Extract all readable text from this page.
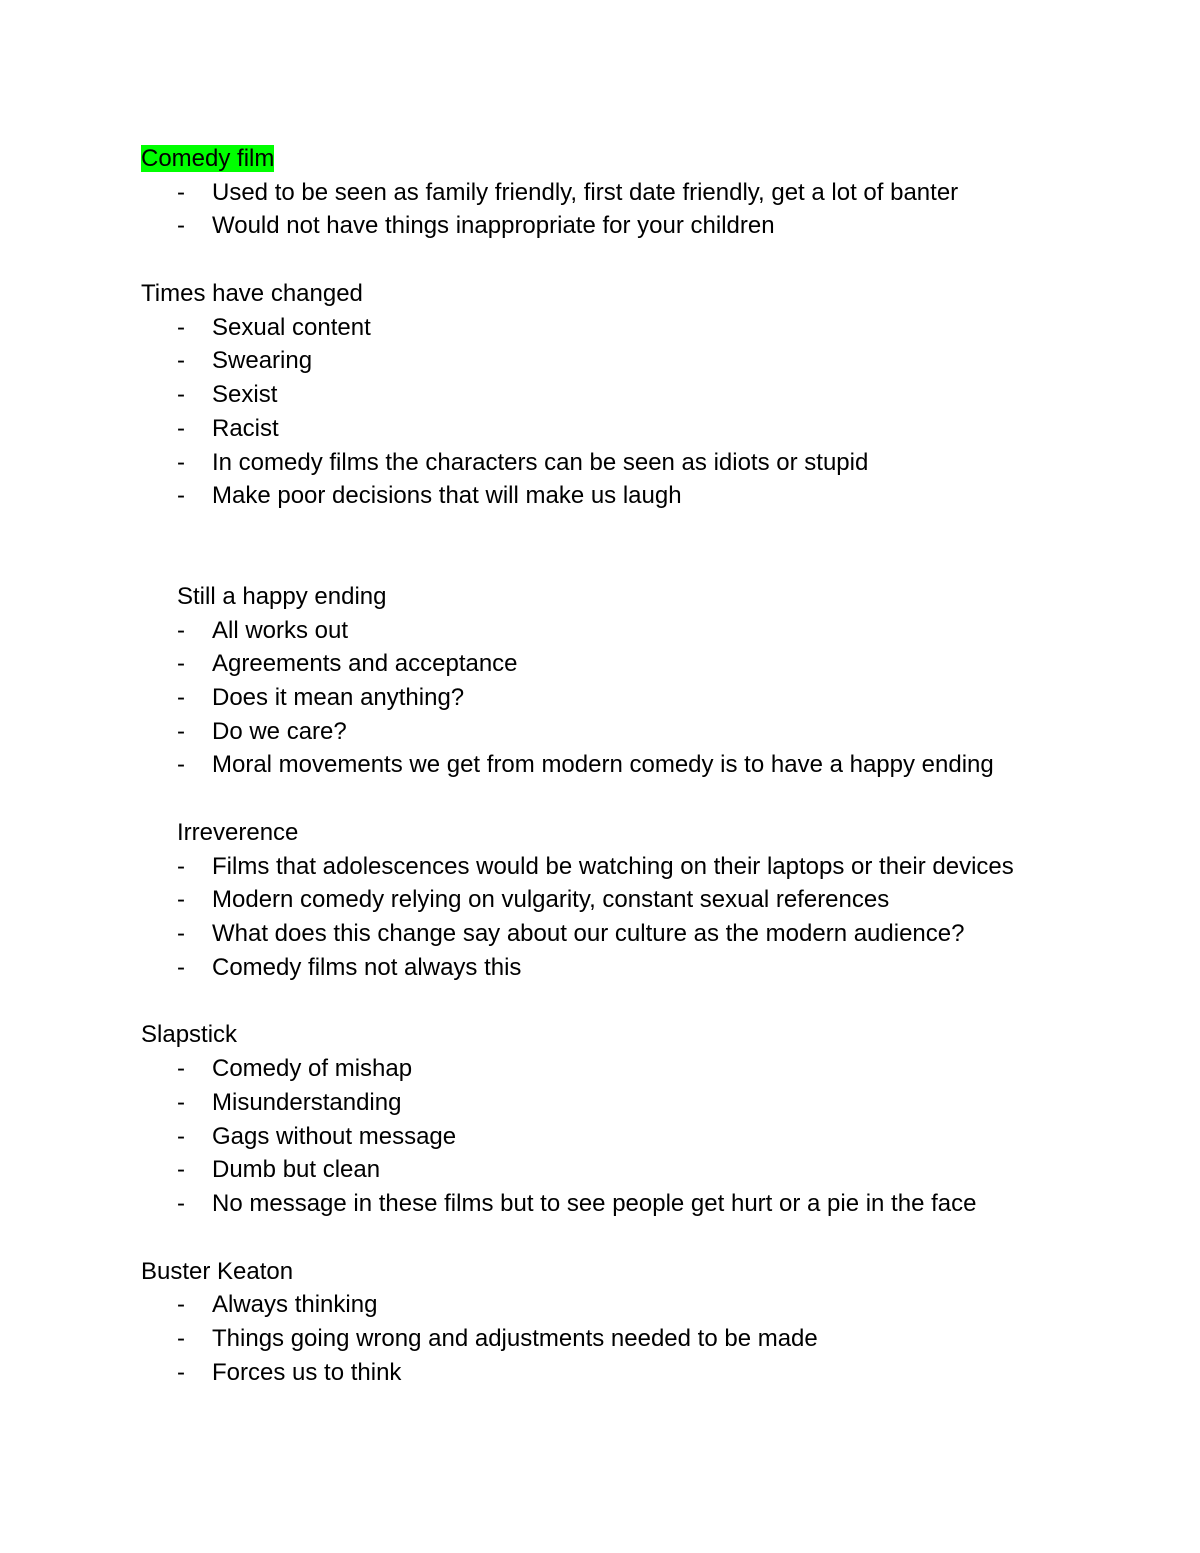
Comedy film
- Used to be seen as family friendly, first date friendly, get a lot of banter
- Would not have things inappropriate for your children
Times have changed
- Sexual content
- Swearing
- Sexist
- Racist
- In comedy films the characters can be seen as idiots or stupid
- Make poor decisions that will make us laugh
Still a happy ending
- All works out
- Agreements and acceptance
- Does it mean anything?
- Do we care?
- Moral movements we get from modern comedy is to have a happy ending
Irreverence
- Films that adolescences would be watching on their laptops or their devices
- Modern comedy relying on vulgarity, constant sexual references
- What does this change say about our culture as the modern audience?
- Comedy films not always this
Slapstick
- Comedy of mishap
- Misunderstanding
- Gags without message
- Dumb but clean
- No message in these films but to see people get hurt or a pie in the face
Buster Keaton
- Always thinking
- Things going wrong and adjustments needed to be made
- Forces us to think
